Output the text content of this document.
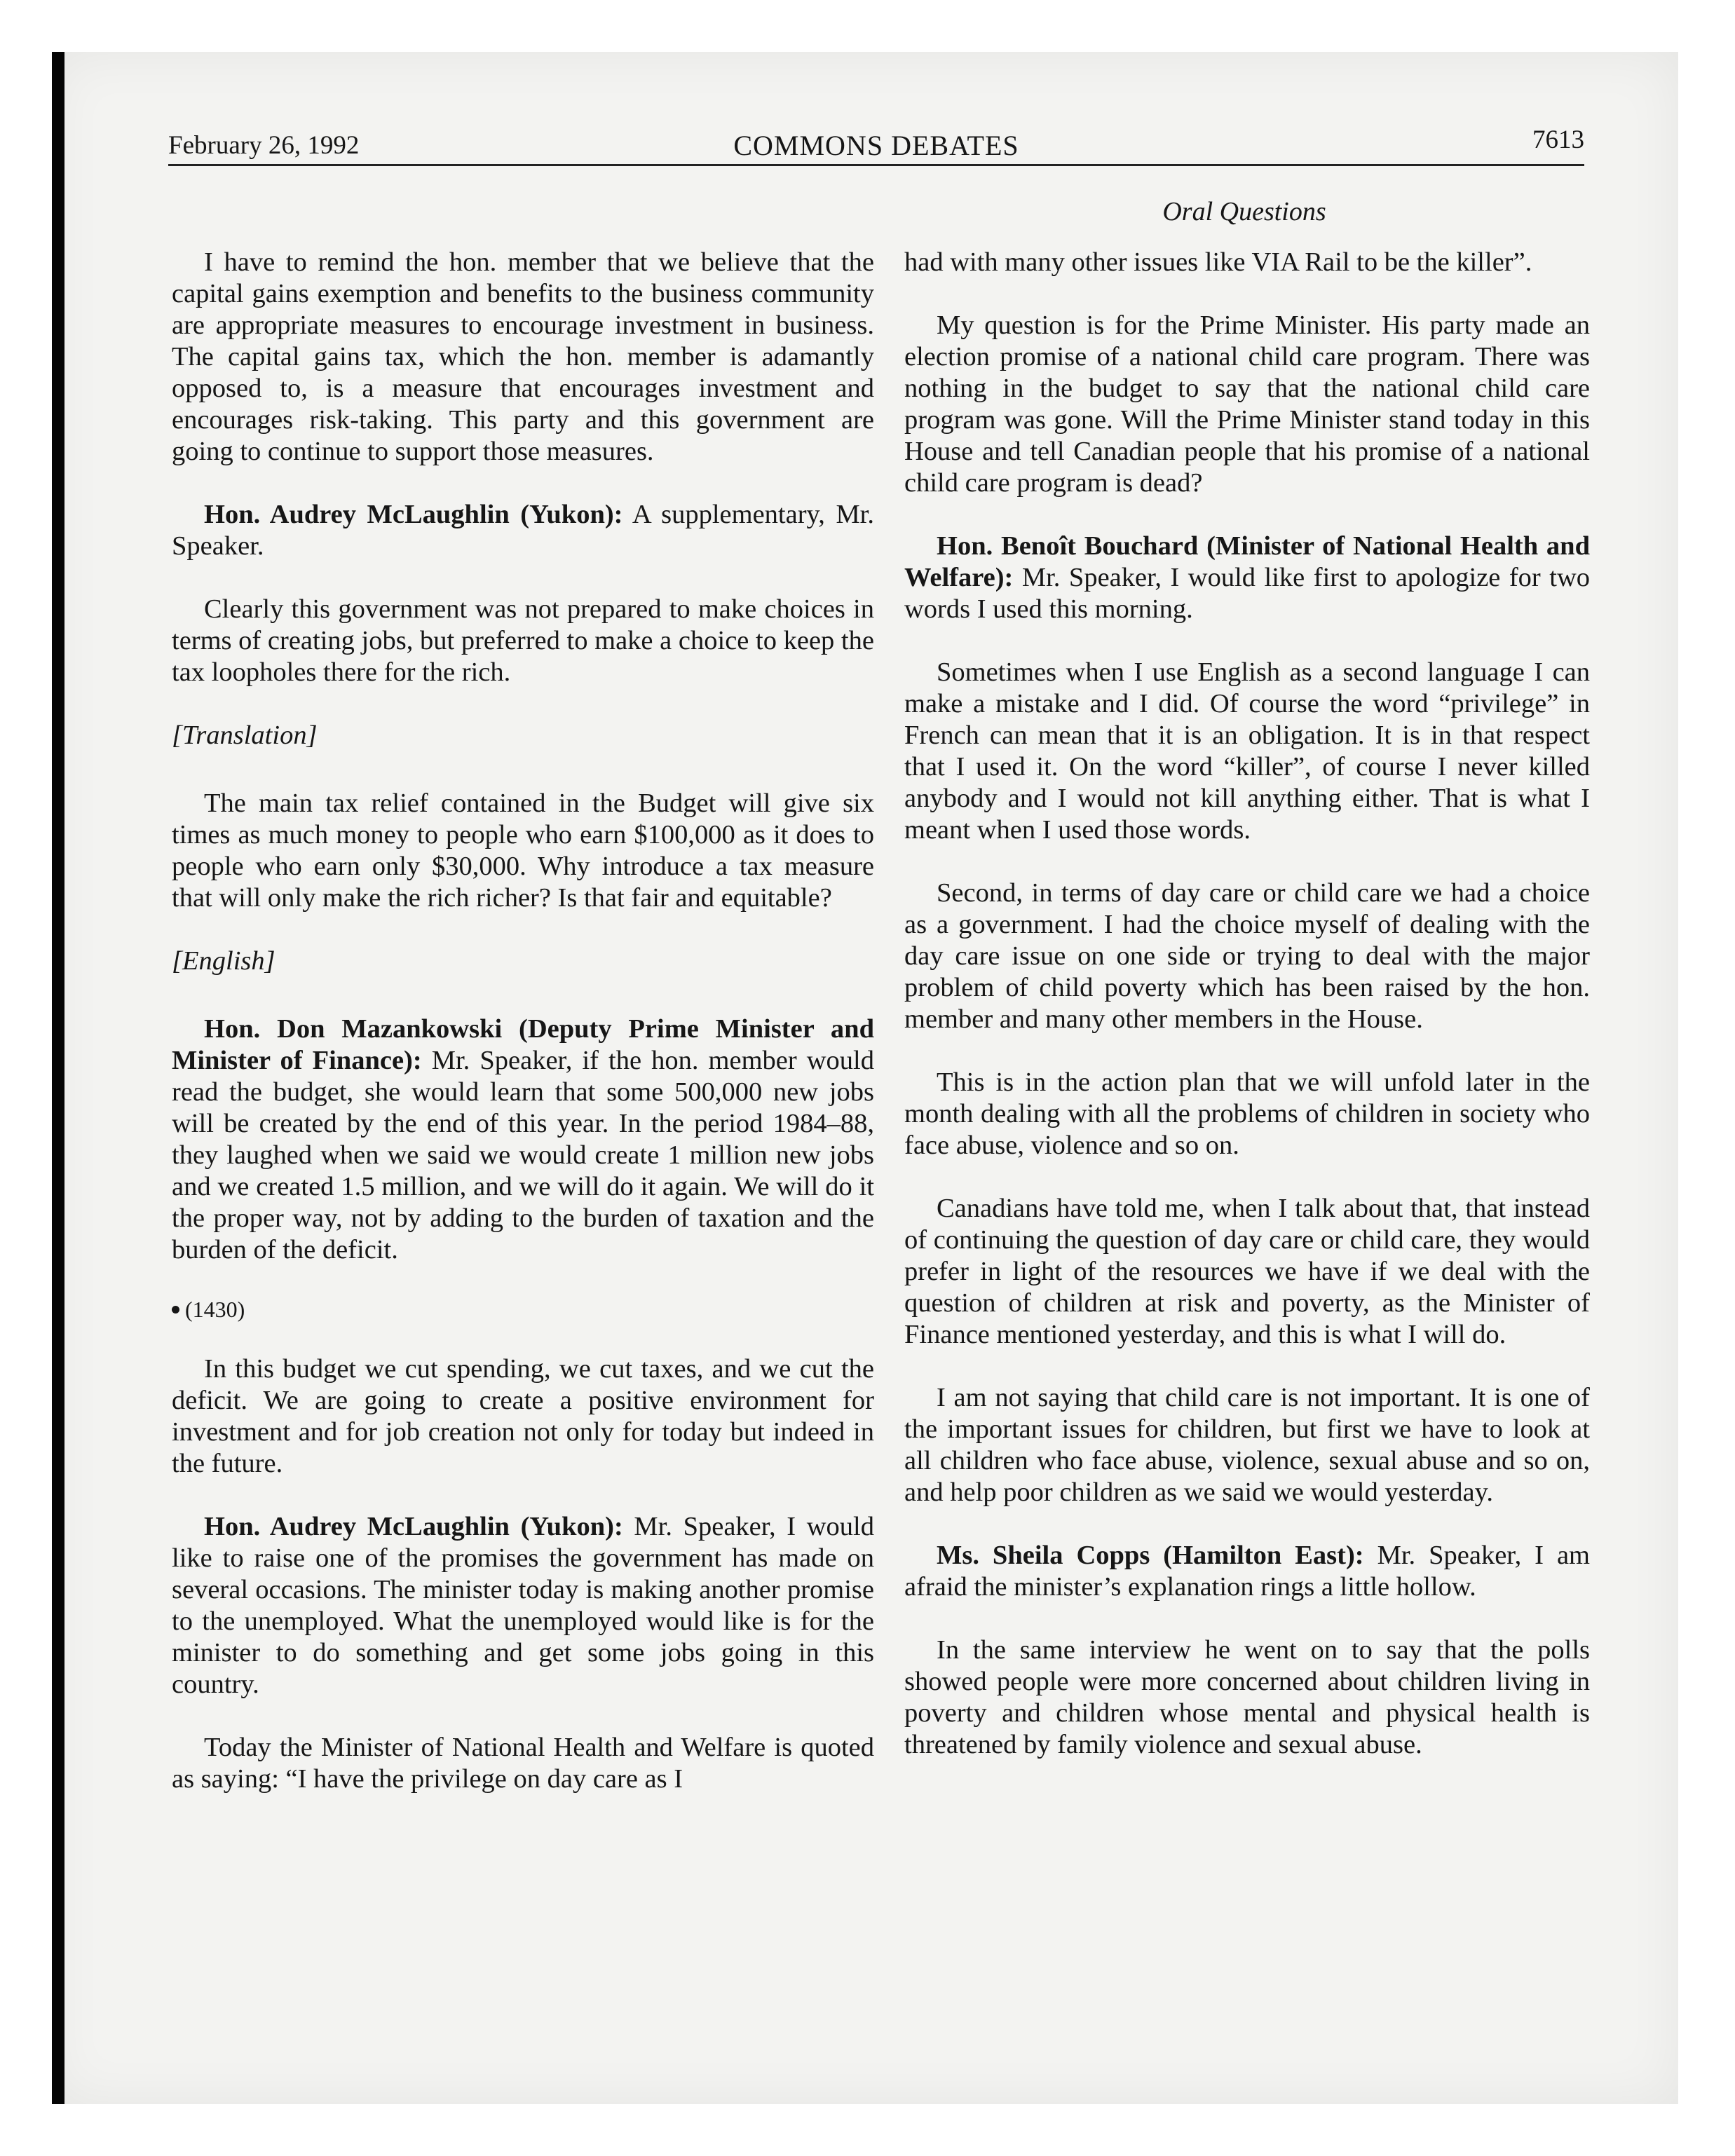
February 26, 1992	COMMONS DEBATES	7613
Oral Questions

I have to remind the hon. member that we believe that the capital gains exemption and benefits to the business community are appropriate measures to encourage investment in business. The capital gains tax, which the hon. member is adamantly opposed to, is a measure that encourages investment and encourages risk-taking. This party and this government are going to continue to support those measures.

Hon. Audrey McLaughlin (Yukon): A supplementary, Mr. Speaker.

Clearly this government was not prepared to make choices in terms of creating jobs, but preferred to make a choice to keep the tax loopholes there for the rich.

[Translation]

The main tax relief contained in the Budget will give six times as much money to people who earn $100,000 as it does to people who earn only $30,000. Why introduce a tax measure that will only make the rich richer? Is that fair and equitable?

[English]

Hon. Don Mazankowski (Deputy Prime Minister and Minister of Finance): Mr. Speaker, if the hon. member would read the budget, she would learn that some 500,000 new jobs will be created by the end of this year. In the period 1984–88, they laughed when we said we would create 1 million new jobs and we created 1.5 million, and we will do it again. We will do it the proper way, not by adding to the burden of taxation and the burden of the deficit.

(1430)

In this budget we cut spending, we cut taxes, and we cut the deficit. We are going to create a positive environment for investment and for job creation not only for today but indeed in the future.

Hon. Audrey McLaughlin (Yukon): Mr. Speaker, I would like to raise one of the promises the government has made on several occasions. The minister today is making another promise to the unemployed. What the unemployed would like is for the minister to do something and get some jobs going in this country.

Today the Minister of National Health and Welfare is quoted as saying: “I have the privilege on day care as I

had with many other issues like VIA Rail to be the killer”.

My question is for the Prime Minister. His party made an election promise of a national child care program. There was nothing in the budget to say that the national child care program was gone. Will the Prime Minister stand today in this House and tell Canadian people that his promise of a national child care program is dead?

Hon. Benoît Bouchard (Minister of National Health and Welfare): Mr. Speaker, I would like first to apologize for two words I used this morning.

Sometimes when I use English as a second language I can make a mistake and I did. Of course the word “privilege” in French can mean that it is an obligation. It is in that respect that I used it. On the word “killer”, of course I never killed anybody and I would not kill anything either. That is what I meant when I used those words.

Second, in terms of day care or child care we had a choice as a government. I had the choice myself of dealing with the day care issue on one side or trying to deal with the major problem of child poverty which has been raised by the hon. member and many other members in the House.

This is in the action plan that we will unfold later in the month dealing with all the problems of children in society who face abuse, violence and so on.

Canadians have told me, when I talk about that, that instead of continuing the question of day care or child care, they would prefer in light of the resources we have if we deal with the question of children at risk and poverty, as the Minister of Finance mentioned yesterday, and this is what I will do.

I am not saying that child care is not important. It is one of the important issues for children, but first we have to look at all children who face abuse, violence, sexual abuse and so on, and help poor children as we said we would yesterday.

Ms. Sheila Copps (Hamilton East): Mr. Speaker, I am afraid the minister’s explanation rings a little hollow.

In the same interview he went on to say that the polls showed people were more concerned about children living in poverty and children whose mental and physical health is threatened by family violence and sexual abuse.
